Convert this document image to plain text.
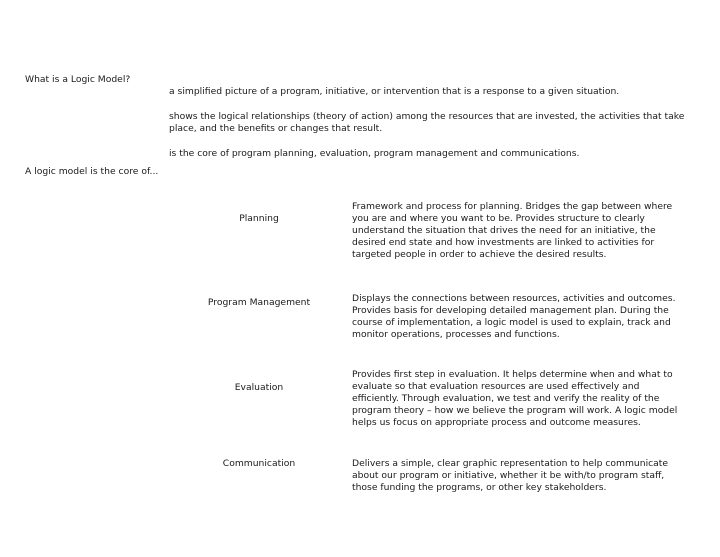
What is a Logic Model?

a simplified picture of a program, initiative, or intervention that is a response to a given situation.

shows the logical relationships (theory of action) among the resources that are invested, the activities that take place, and the benefits or changes that result.

is the core of program planning, evaluation, program management and communications.

A logic model is the core of...

Planning

Framework and process for planning. Bridges the gap between where you are and where you want to be. Provides structure to clearly understand the situation that drives the need for an initiative, the desired end state and how investments are linked to activities for targeted people in order to achieve the desired results.

Program Management	Displays the connections between resources, activities and outcomes. Provides basis for developing detailed management plan. During the course of implementation, a logic model is used to explain, track and monitor operations, processes and functions.

Evaluation

Provides first step in evaluation. It helps determine when and what to evaluate so that evaluation resources are used effectively and efficiently. Through evaluation, we test and verify the reality of the program theory – how we believe the program will work. A logic model helps us focus on appropriate process and outcome measures.

Communication	Delivers a simple, clear graphic representation to help communicate about our program or initiative, whether it be with/to program staff, those funding the programs, or other key stakeholders.
